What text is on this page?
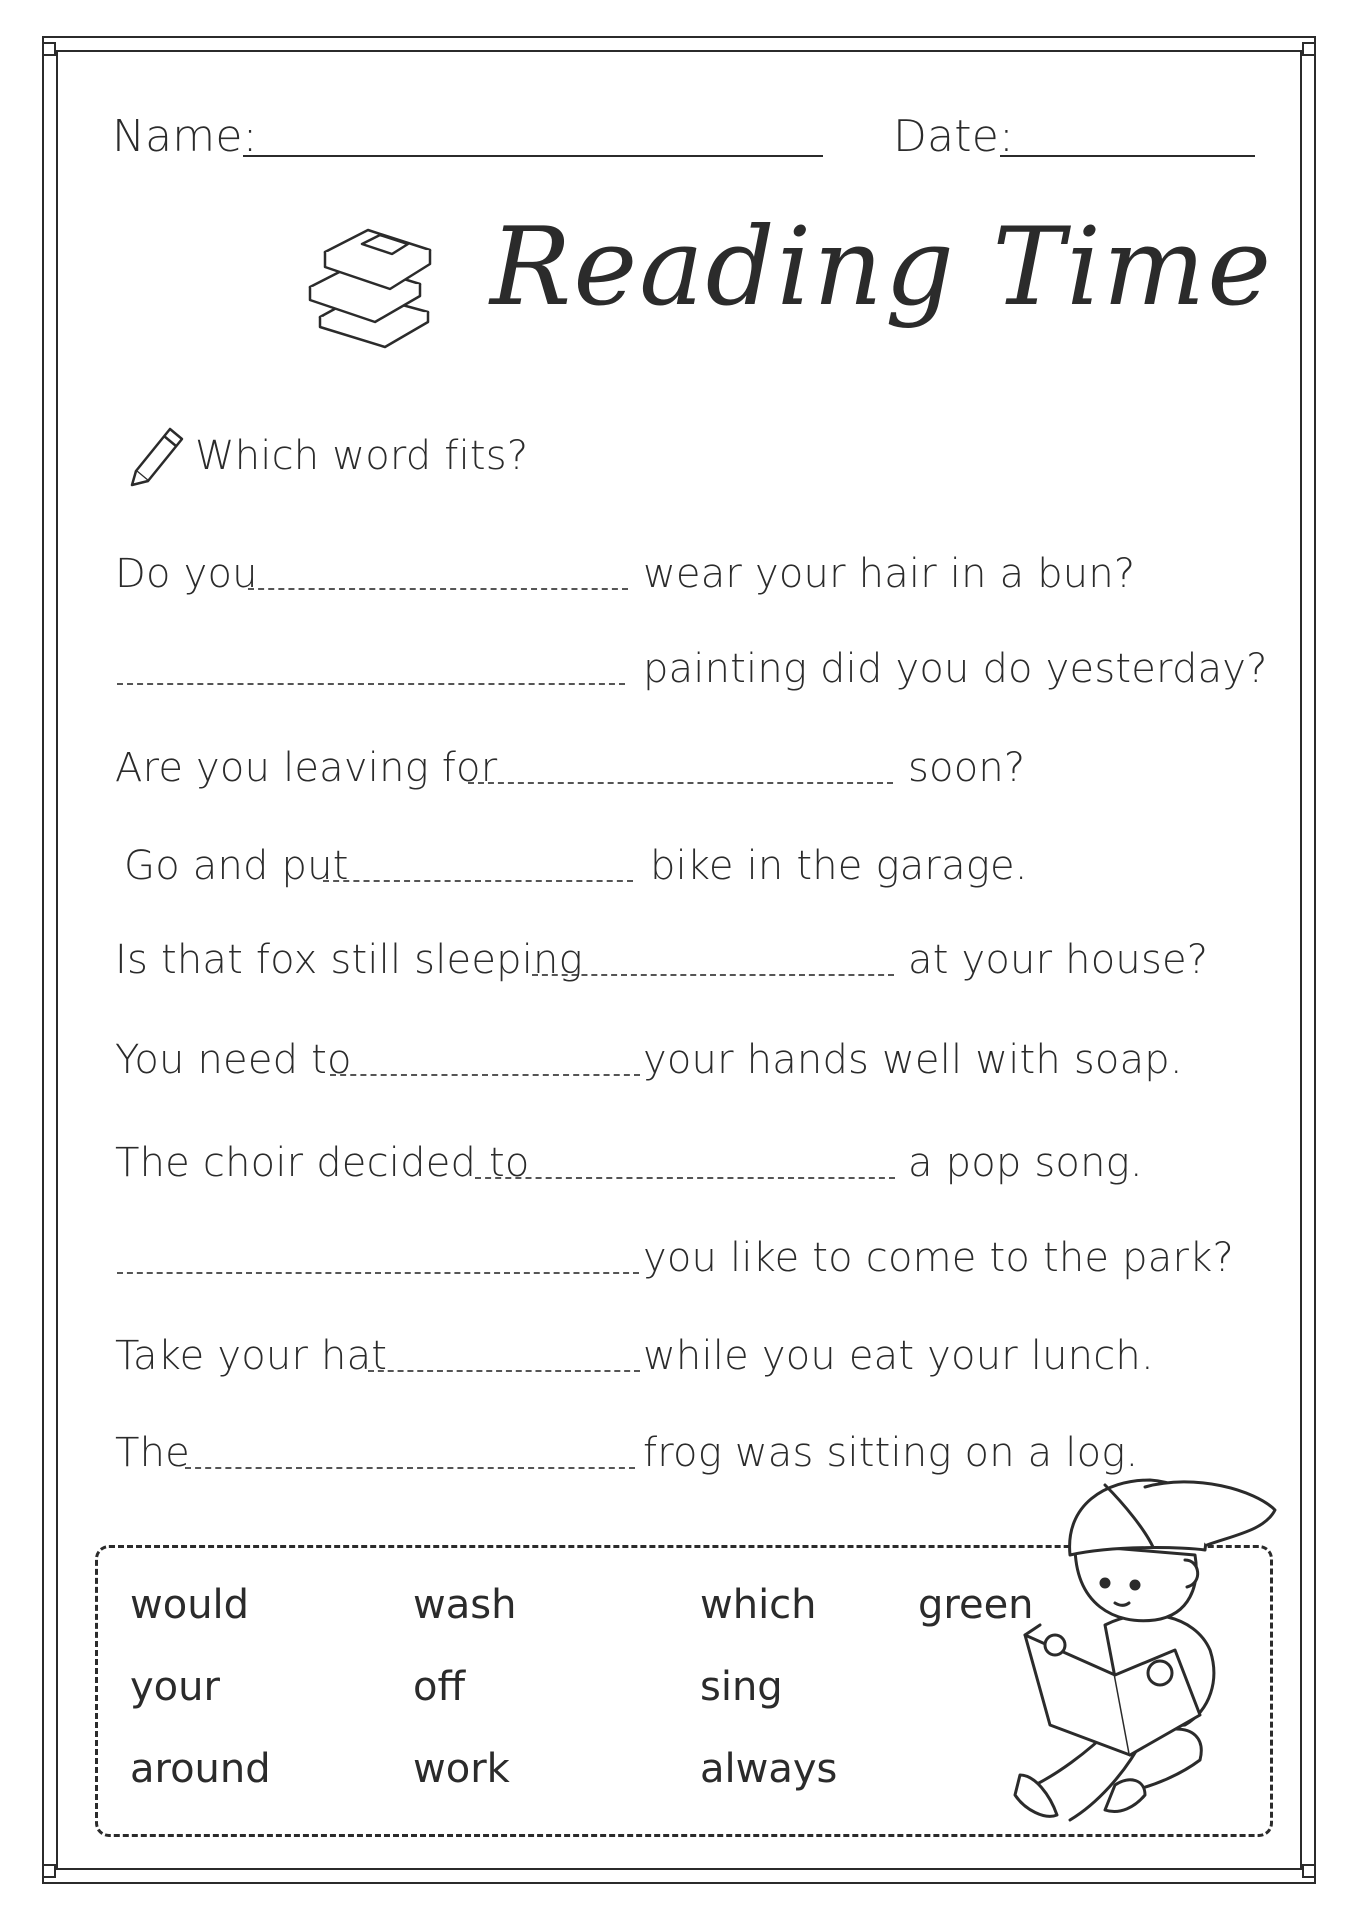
Name:	Date:
Reading Time
Which word fits?
Do you	wear your hair in a bun?
painting did you do yesterday?
Are you leaving for	soon?
Go and put	bike in the garage.
Is that fox still sleeping	at your house?
You need to	your hands well with soap.
The choir decided to	a pop song.
you like to come to the park?
Take your hat	while you eat your lunch.
The	frog was sitting on a log.
would	wash	which	green
your	off	sing
around	work	always
